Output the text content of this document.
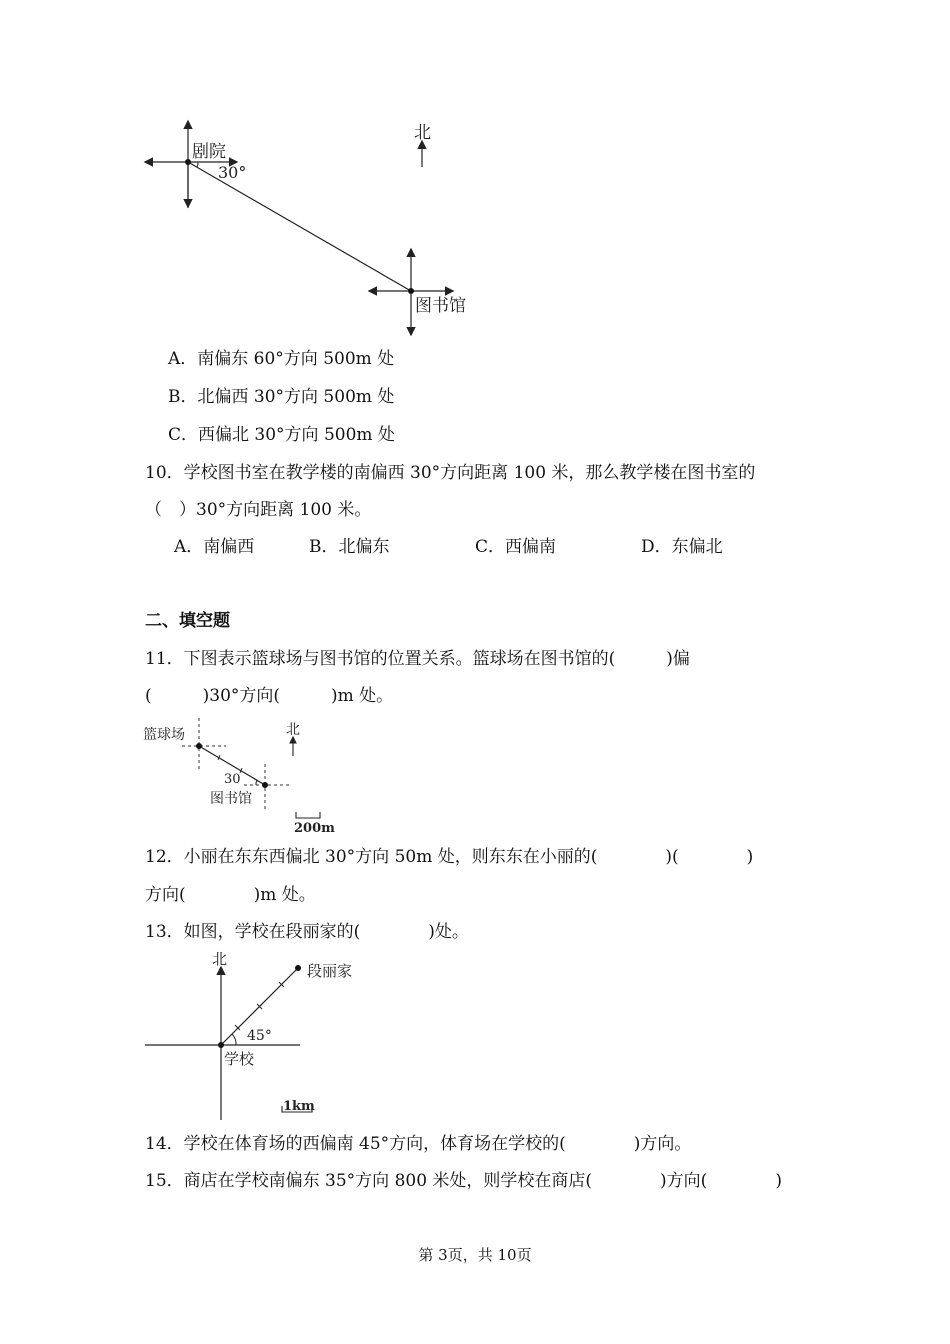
剧院
30°
北
图书馆
A．南偏东 60°方向 500m 处
B．北偏西 30°方向 500m 处
C．西偏北 30°方向 500m 处
10．学校图书室在教学楼的南偏西 30°方向距离 100 米，那么教学楼在图书室的
（　）30°方向距离 100 米。
A．南偏西	B．北偏东	C．西偏南	D．东偏北
二、填空题
11．下图表示篮球场与图书馆的位置关系。篮球场在图书馆的(　　　)偏
(　　　)30°方向(　　　)m 处。
篮球场	北
30
图书馆
200m
12．小丽在东东西偏北 30°方向 50m 处，则东东在小丽的(　　　　)(　　　　)
方向(　　　　)m 处。
13．如图，学校在段丽家的(　　　　)处。
北
段丽家
45°
学校
1km
14．学校在体育场的西偏南 45°方向，体育场在学校的(　　　　)方向。
15．商店在学校南偏东 35°方向 800 米处，则学校在商店(　　　　)方向(　　　　)
第 3页，共 10页
